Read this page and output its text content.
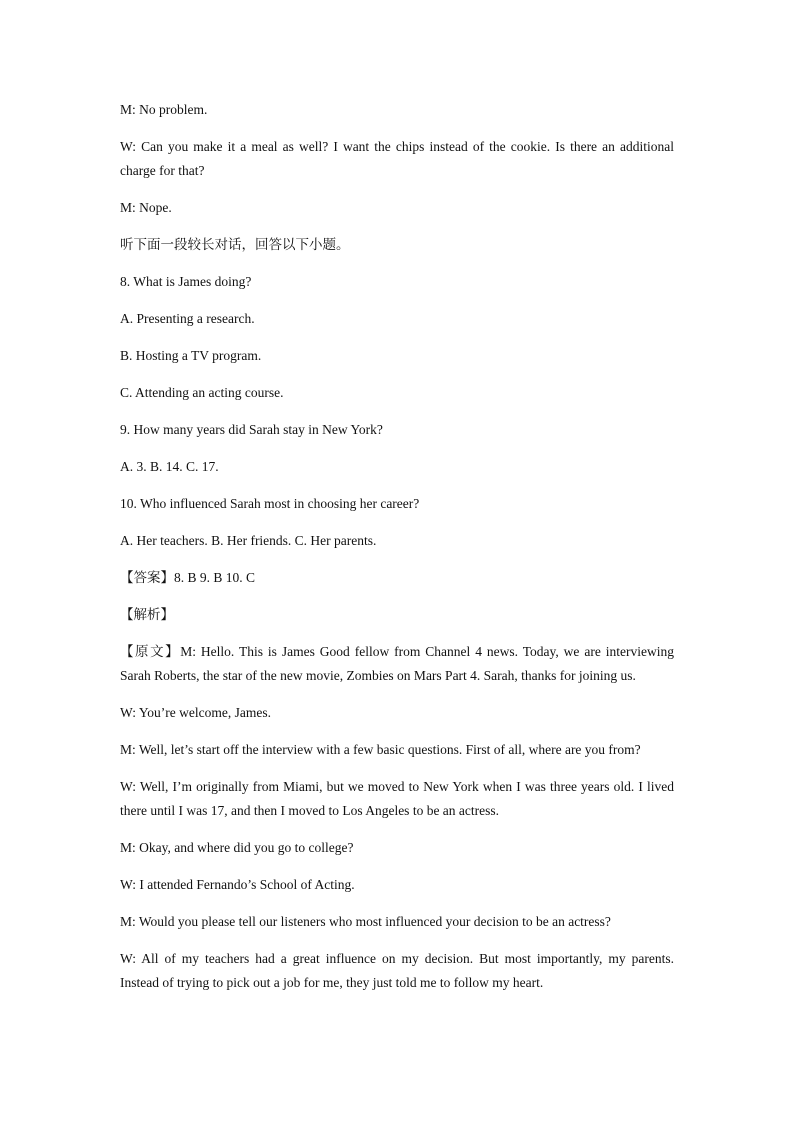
M: No problem.

W: Can you make it a meal as well? I want the chips instead of the cookie. Is there an additional charge for that?

M: Nope.

听下面一段较长对话，回答以下小题。

8. What is James doing?

A. Presenting a research.

B. Hosting a TV program.

C. Attending an acting course.

9. How many years did Sarah stay in New York?

A. 3. B. 14. C. 17.

10. Who influenced Sarah most in choosing her career?

A. Her teachers. B. Her friends. C. Her parents.

【答案】8. B 9. B 10. C

【解析】

【原文】M: Hello. This is James Good fellow from Channel 4 news. Today, we are interviewing Sarah Roberts, the star of the new movie, Zombies on Mars Part 4. Sarah, thanks for joining us.

W: You’re welcome, James.

M: Well, let’s start off the interview with a few basic questions. First of all, where are you from?

W: Well, I’m originally from Miami, but we moved to New York when I was three years old. I lived there until I was 17, and then I moved to Los Angeles to be an actress.

M: Okay, and where did you go to college?

W: I attended Fernando’s School of Acting.

M: Would you please tell our listeners who most influenced your decision to be an actress?

W: All of my teachers had a great influence on my decision. But most importantly, my parents. Instead of trying to pick out a job for me, they just told me to follow my heart.
